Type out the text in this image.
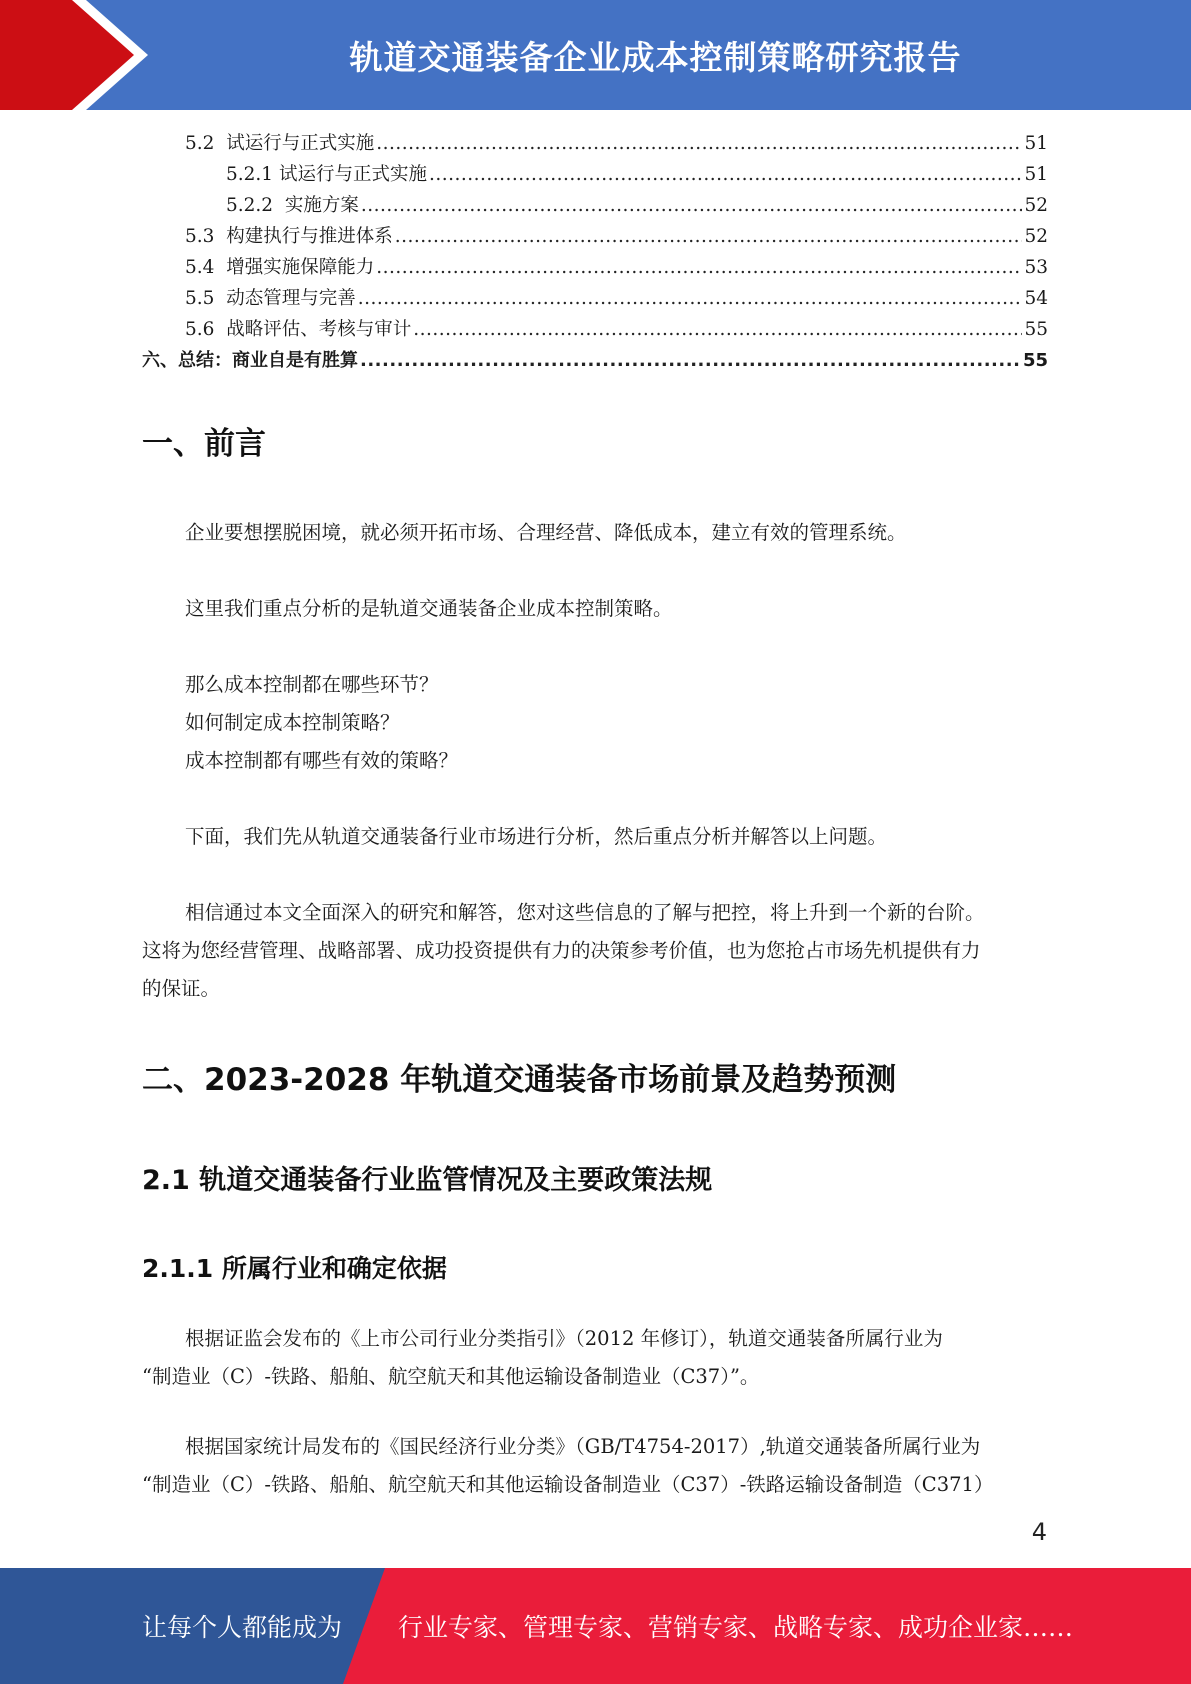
轨道交通装备企业成本控制策略研究报告
5.2 试运行与正式实施 .....	51
5.2.1 试运行与正式实施 .....	51
5.2.2 实施方案 .....	52
5.3 构建执行与推进体系 .....	52
5.4 增强实施保障能力 .....	53
5.5 动态管理与完善 .....	54
5.6 战略评估、考核与审计 .....	55
六、总结：商业自是有胜算 .....	55
一、前言
企业要想摆脱困境，就必须开拓市场、合理经营、降低成本，建立有效的管理系统。
这里我们重点分析的是轨道交通装备企业成本控制策略。
那么成本控制都在哪些环节？
如何制定成本控制策略？
成本控制都有哪些有效的策略？
下面，我们先从轨道交通装备行业市场进行分析，然后重点分析并解答以上问题。
相信通过本文全面深入的研究和解答，您对这些信息的了解与把控，将上升到一个新的台阶。
这将为您经营管理、战略部署、成功投资提供有力的决策参考价值，也为您抢占市场先机提供有力
的保证。
二、2023-2028 年轨道交通装备市场前景及趋势预测
2.1 轨道交通装备行业监管情况及主要政策法规
2.1.1 所属行业和确定依据
根据证监会发布的《上市公司行业分类指引》（2012 年修订），轨道交通装备所属行业为
“制造业（C）-铁路、船舶、航空航天和其他运输设备制造业（C37）”。
根据国家统计局发布的《国民经济行业分类》（GB/T4754-2017）,轨道交通装备所属行业为
“制造业（C）-铁路、船舶、航空航天和其他运输设备制造业（C37）-铁路运输设备制造（C371）
4
让每个人都能成为 行业专家、管理专家、营销专家、战略专家、成功企业家……
